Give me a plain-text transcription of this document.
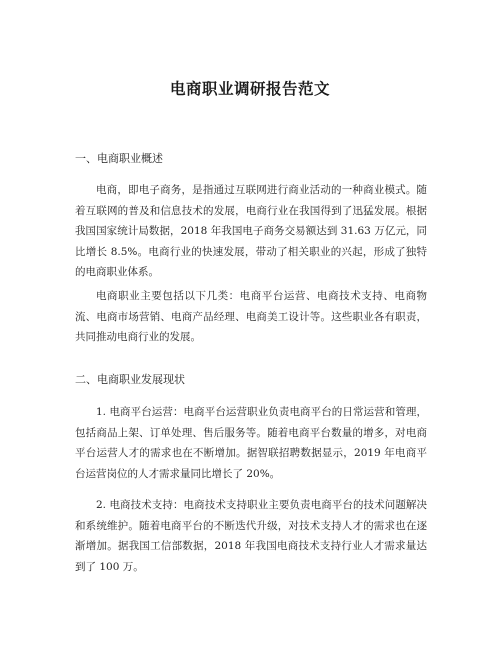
电商职业调研报告范文
一、电商职业概述
电商，即电子商务，是指通过互联网进行商业活动的一种商业模式。随着互联网的普及和信息技术的发展，电商行业在我国得到了迅猛发展。根据我国国家统计局数据，2018 年我国电子商务交易额达到 31.63 万亿元，同比增长 8.5%。电商行业的快速发展，带动了相关职业的兴起，形成了独特的电商职业体系。
电商职业主要包括以下几类：电商平台运营、电商技术支持、电商物流、电商市场营销、电商产品经理、电商美工设计等。这些职业各有职责，共同推动电商行业的发展。
二、电商职业发展现状
1. 电商平台运营：电商平台运营职业负责电商平台的日常运营和管理，包括商品上架、订单处理、售后服务等。随着电商平台数量的增多，对电商平台运营人才的需求也在不断增加。据智联招聘数据显示，2019 年电商平台运营岗位的人才需求量同比增长了 20%。
2. 电商技术支持：电商技术支持职业主要负责电商平台的技术问题解决和系统维护。随着电商平台的不断迭代升级，对技术支持人才的需求也在逐渐增加。据我国工信部数据，2018 年我国电商技术支持行业人才需求量达到了 100 万。
